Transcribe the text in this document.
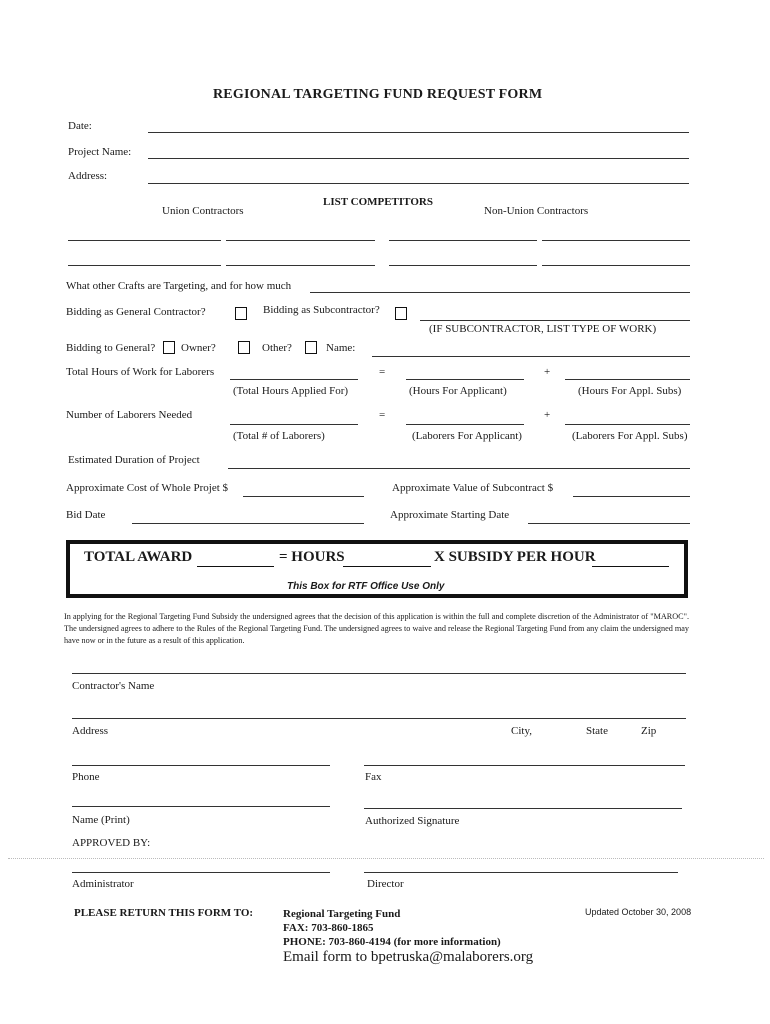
REGIONAL TARGETING FUND REQUEST FORM
Date:
Project Name:
Address:
LIST COMPETITORS
Union Contractors	Non-Union Contractors
What other Crafts are Targeting, and for how much
Bidding as General Contractor?	Bidding as Subcontractor?
(IF SUBCONTRACTOR, LIST TYPE OF WORK)
Bidding to General? Owner?	Other?	Name:
Total Hours of Work for Laborers	=	+
(Total Hours Applied For)	(Hours For Applicant)	(Hours For Appl. Subs)
Number of Laborers Needed	=	+
(Total # of Laborers)	(Laborers For Applicant)	(Laborers For Appl. Subs)
Estimated Duration of Project
Approximate Cost of Whole Projet $	Approximate Value of Subcontract $
Bid Date	Approximate Starting Date
TOTAL AWARD	= HOURS	X SUBSIDY PER HOUR
This Box for RTF Office Use Only
In applying for the Regional Targeting Fund Subsidy the undersigned agrees that the decision of this application is within the full and complete discretion of the Administrator of "MAROC". The undersigned agrees to adhere to the Rules of the Regional Targeting Fund. The undersigned agrees to waive and release the Regional Targeting Fund from any claim the undersigned may have now or in the future as a result of this application.
Contractor's Name
Address	City,	State	Zip
Phone	Fax
Name (Print)	Authorized Signature
APPROVED BY:
Administrator	Director
PLEASE RETURN THIS FORM TO:	Regional Targeting Fund
FAX: 703-860-1865
PHONE: 703-860-4194 (for more information)
Email form to bpetruska@malaborers.org
Updated October 30, 2008
